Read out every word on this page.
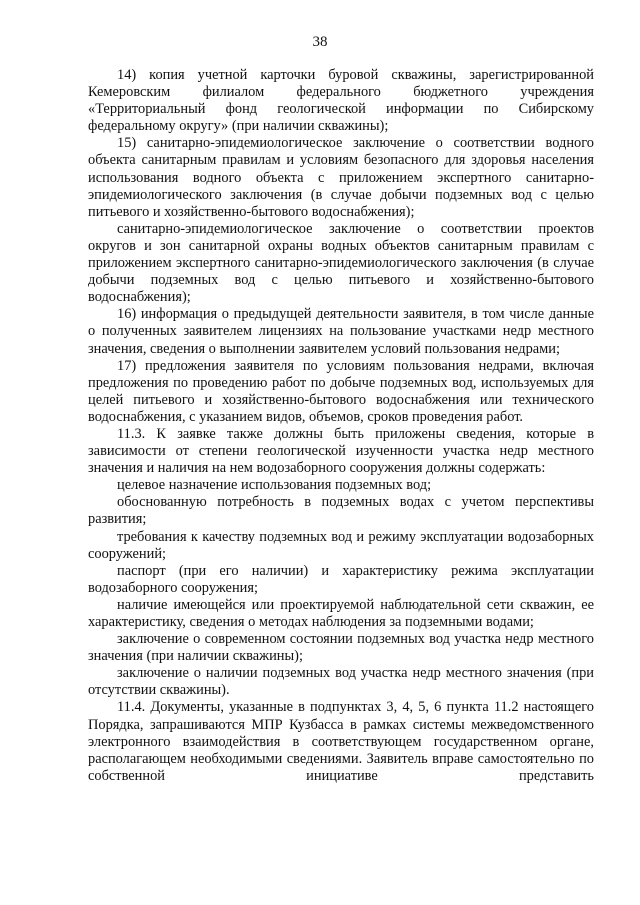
38

14) копия учетной карточки буровой скважины, зарегистрированной Кемеровским филиалом федерального бюджетного учреждения «Территориальный фонд геологической информации по Сибирскому федеральному округу» (при наличии скважины);

15) санитарно-эпидемиологическое заключение о соответствии водного объекта санитарным правилам и условиям безопасного для здоровья населения использования водного объекта с приложением экспертного санитарно-эпидемиологического заключения (в случае добычи подземных вод с целью питьевого и хозяйственно-бытового водоснабжения);

санитарно-эпидемиологическое заключение о соответствии проектов округов и зон санитарной охраны водных объектов санитарным правилам с приложением экспертного санитарно-эпидемиологического заключения (в случае добычи подземных вод с целью питьевого и хозяйственно-бытового водоснабжения);

16) информация о предыдущей деятельности заявителя, в том числе данные о полученных заявителем лицензиях на пользование участками недр местного значения, сведения о выполнении заявителем условий пользования недрами;

17) предложения заявителя по условиям пользования недрами, включая предложения по проведению работ по добыче подземных вод, используемых для целей питьевого и хозяйственно-бытового водоснабжения или технического водоснабжения, с указанием видов, объемов, сроков проведения работ.

11.3. К заявке также должны быть приложены сведения, которые в зависимости от степени геологической изученности участка недр местного значения и наличия на нем водозаборного сооружения должны содержать:

целевое назначение использования подземных вод;

обоснованную потребность в подземных водах с учетом перспективы развития;

требования к качеству подземных вод и режиму эксплуатации водозаборных сооружений;

паспорт (при его наличии) и характеристику режима эксплуатации водозаборного сооружения;

наличие имеющейся или проектируемой наблюдательной сети скважин, ее характеристику, сведения о методах наблюдения за подземными водами;

заключение о современном состоянии подземных вод участка недр местного значения (при наличии скважины);

заключение о наличии подземных вод участка недр местного значения (при отсутствии скважины).

11.4. Документы, указанные в подпунктах 3, 4, 5, 6 пункта 11.2 настоящего Порядка, запрашиваются МПР Кузбасса в рамках системы межведомственного электронного взаимодействия в соответствующем государственном органе, располагающем необходимыми сведениями. Заявитель вправе самостоятельно по собственной инициативе представить
